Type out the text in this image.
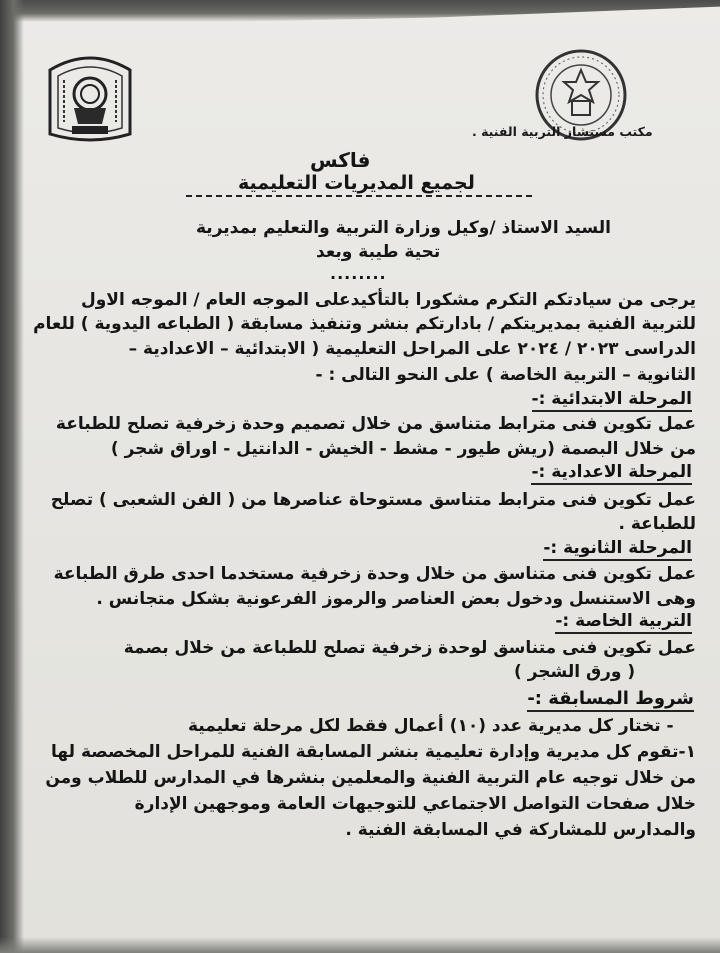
مكتب مستشار التربية الفنية .
فاكس
لجميع المديريات التعليمية
السيد الاستاذ /وكيل وزارة التربية والتعليم بمديرية
تحية طيبة وبعد
........
يرجى من سيادتكم التكرم مشكورا بالتأكيدعلى الموجه العام / الموجه الاول
للتربية الفنية بمديريتكم / بادارتكم بنشر وتنفيذ مسابقة ( الطباعه اليدوية ) للعام
الدراسى ٢٠٢٣ / ٢٠٢٤ على المراحل التعليمية ( الابتدائية – الاعدادية –
الثانوية – التربية الخاصة ) على النحو التالى : -
المرحلة الابتدائية :-
عمل تكوين فنى مترابط متناسق من خلال تصميم وحدة زخرفية تصلح للطباعة
من خلال البصمة (ريش طيور - مشط - الخيش - الدانتيل - اوراق شجر )
المرحلة الاعدادية :-
عمل تكوين فنى مترابط متناسق مستوحاة عناصرها من ( الفن الشعبى ) تصلح
للطباعة .
المرحلة الثانوية :-
عمل تكوين فنى متناسق من خلال وحدة زخرفية مستخدما احدى طرق الطباعة
وهى الاستنسل ودخول بعض العناصر والرموز الفرعونية بشكل متجانس .
التربية الخاصة :-
عمل تكوين فنى متناسق لوحدة زخرفية تصلح للطباعة من خلال بصمة
( ورق الشجر )
شروط المسابقة :-
- تختار كل مديرية عدد (١٠) أعمال فقط لكل مرحلة تعليمية
١-تقوم كل مديرية وإدارة تعليمية بنشر المسابقة الفنية للمراحل المخصصة لها
من خلال توجيه عام التربية الفنية والمعلمين بنشرها في المدارس للطلاب ومن
خلال صفحات التواصل الاجتماعي للتوجيهات العامة وموجهين الإدارة
والمدارس للمشاركة في المسابقة الفنية .
